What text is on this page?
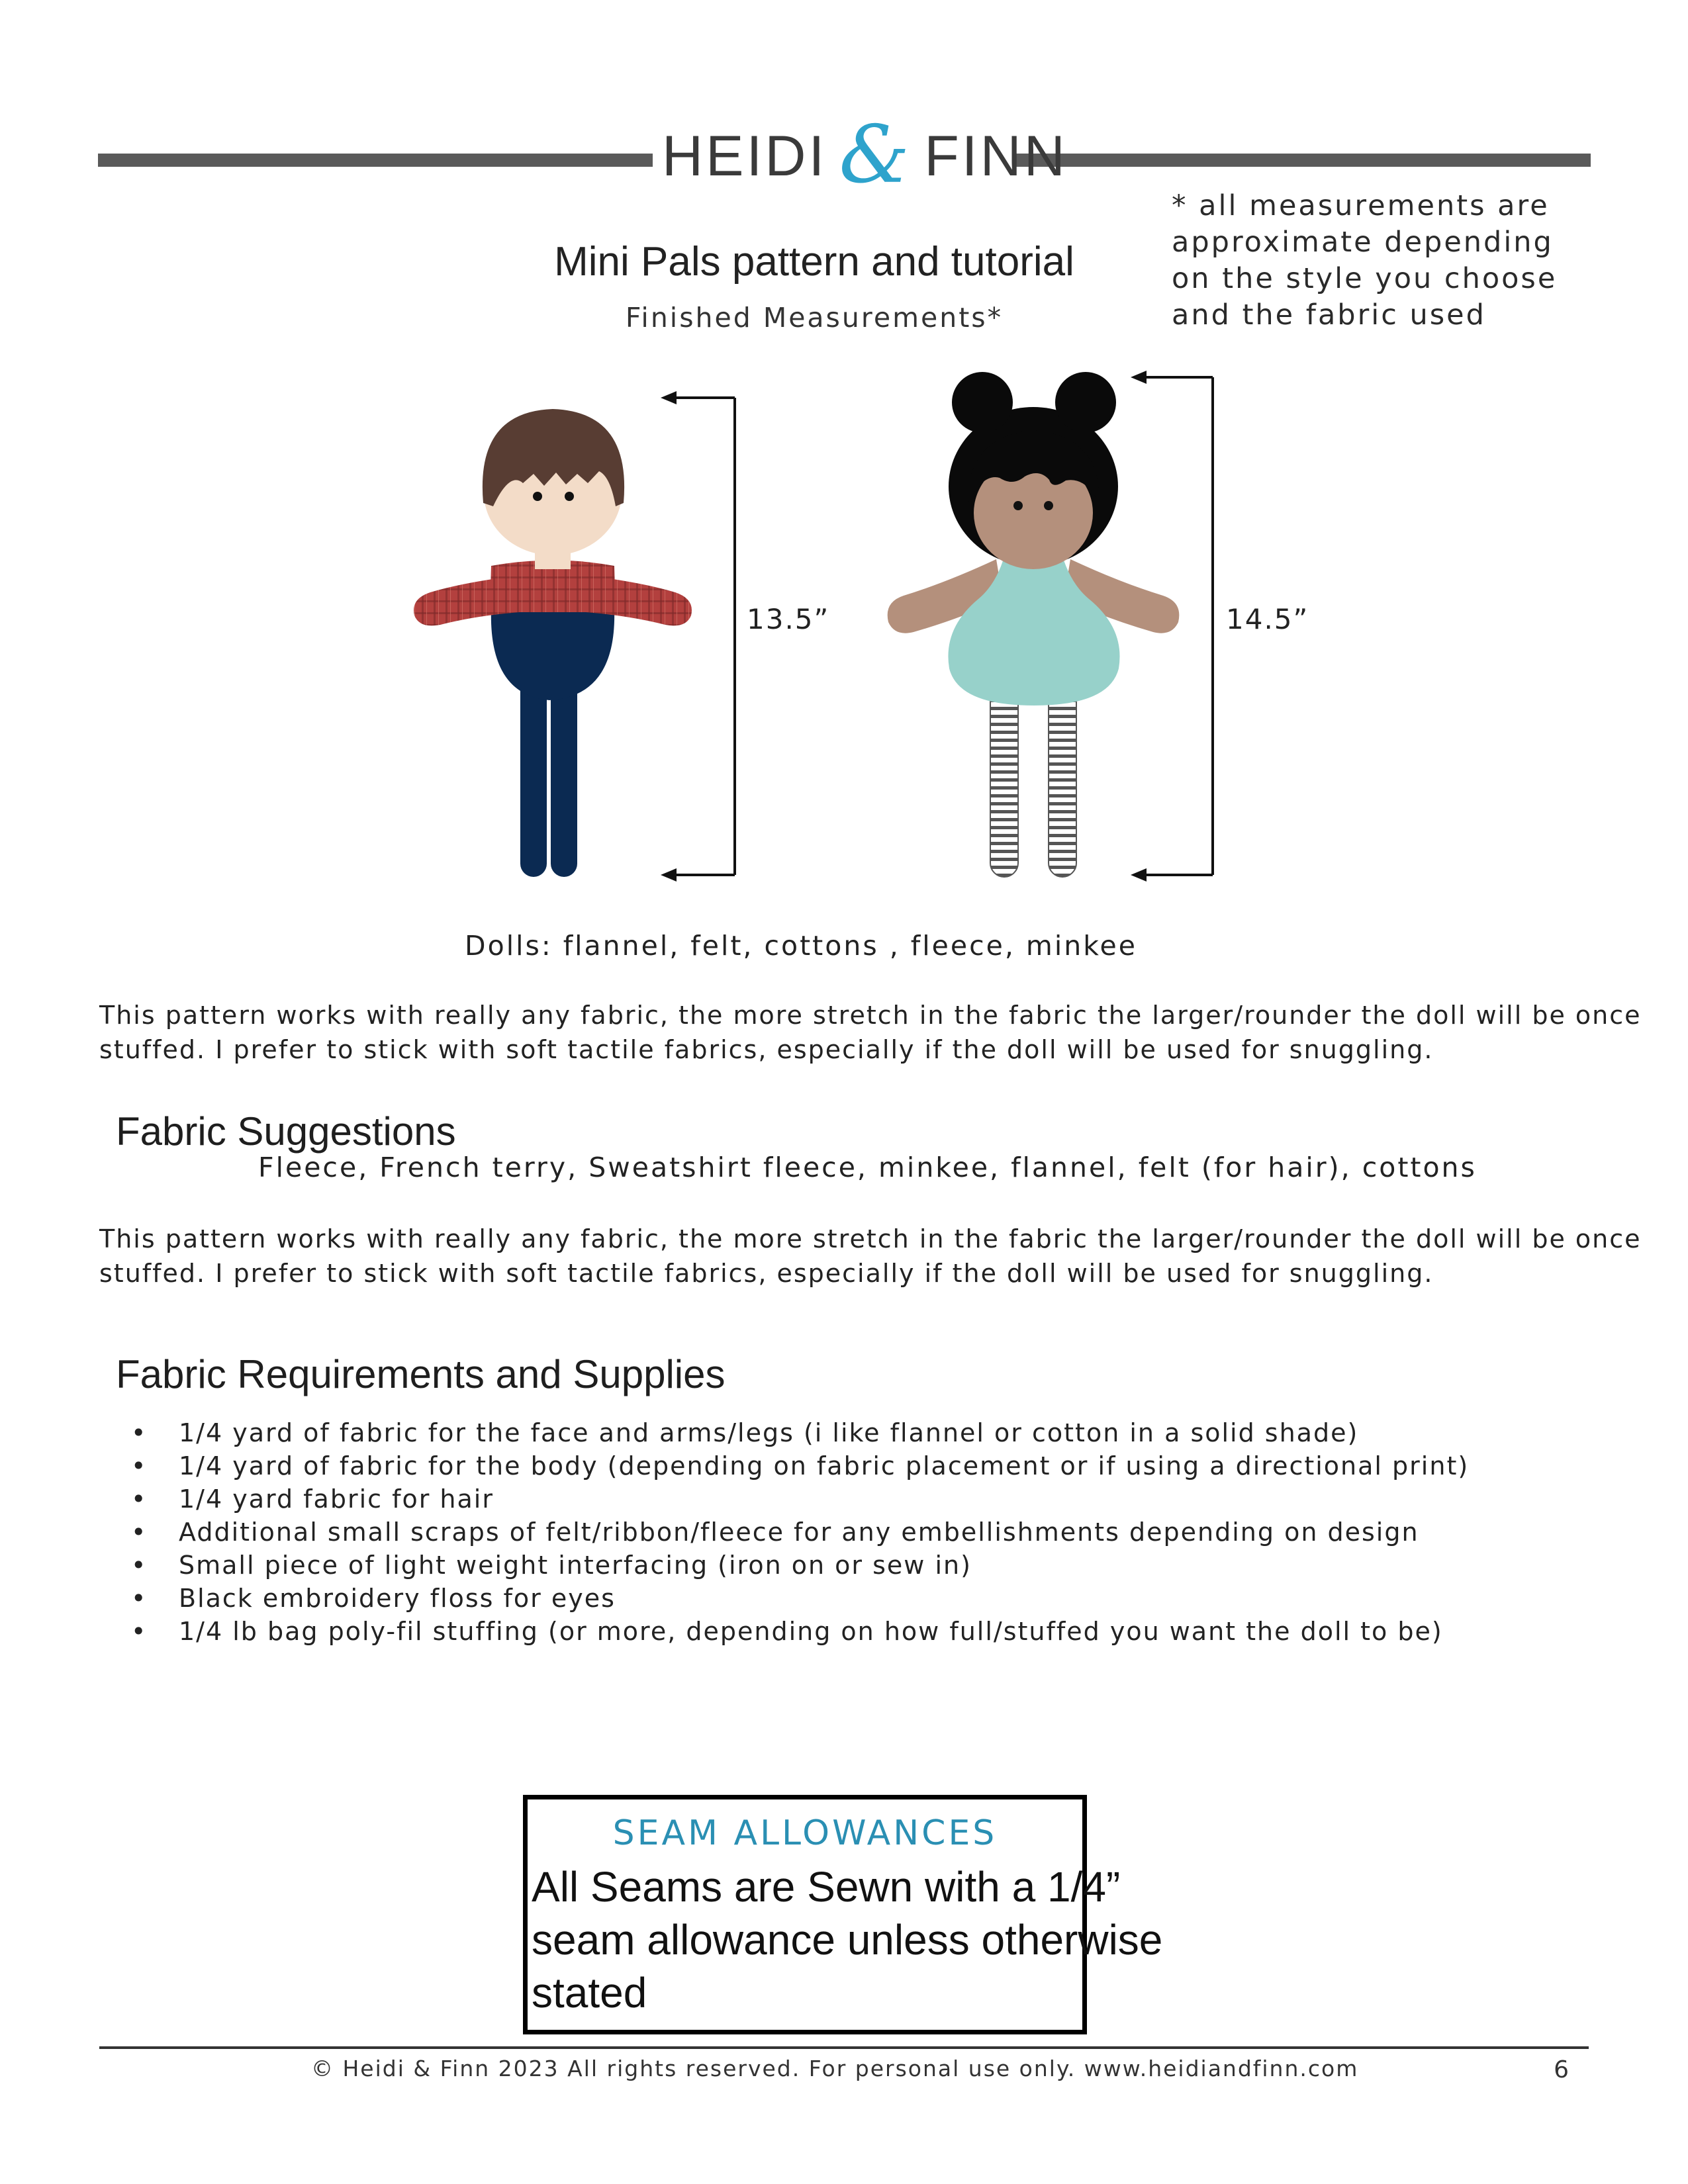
HEIDI & FINN
Mini Pals pattern and tutorial
Finished Measurements*
* all measurements are
approximate depending
on the style you choose
and the fabric used
13.5”	14.5”
Dolls: flannel, felt, cottons , fleece, minkee
This pattern works with really any fabric, the more stretch in the fabric the larger/rounder the doll will be once
stuffed. I prefer to stick with soft tactile fabrics, especially if the doll will be used for snuggling.
Fabric Suggestions
Fleece, French terry, Sweatshirt fleece, minkee, flannel, felt (for hair), cottons
This pattern works with really any fabric, the more stretch in the fabric the larger/rounder the doll will be once
stuffed. I prefer to stick with soft tactile fabrics, especially if the doll will be used for snuggling.
Fabric Requirements and Supplies
• 1/4 yard of fabric for the face and arms/legs (i like flannel or cotton in a solid shade)
• 1/4 yard of fabric for the body (depending on fabric placement or if using a directional print)
• 1/4 yard fabric for hair
• Additional small scraps of felt/ribbon/fleece for any embellishments depending on design
• Small piece of light weight interfacing (iron on or sew in)
• Black embroidery floss for eyes
• 1/4 lb bag poly-fil stuffing (or more, depending on how full/stuffed you want the doll to be)
SEAM ALLOWANCES
All Seams are Sewn with a 1/4”
seam allowance unless otherwise
stated
© Heidi & Finn 2023 All rights reserved. For personal use only. www.heidiandfinn.com	6
